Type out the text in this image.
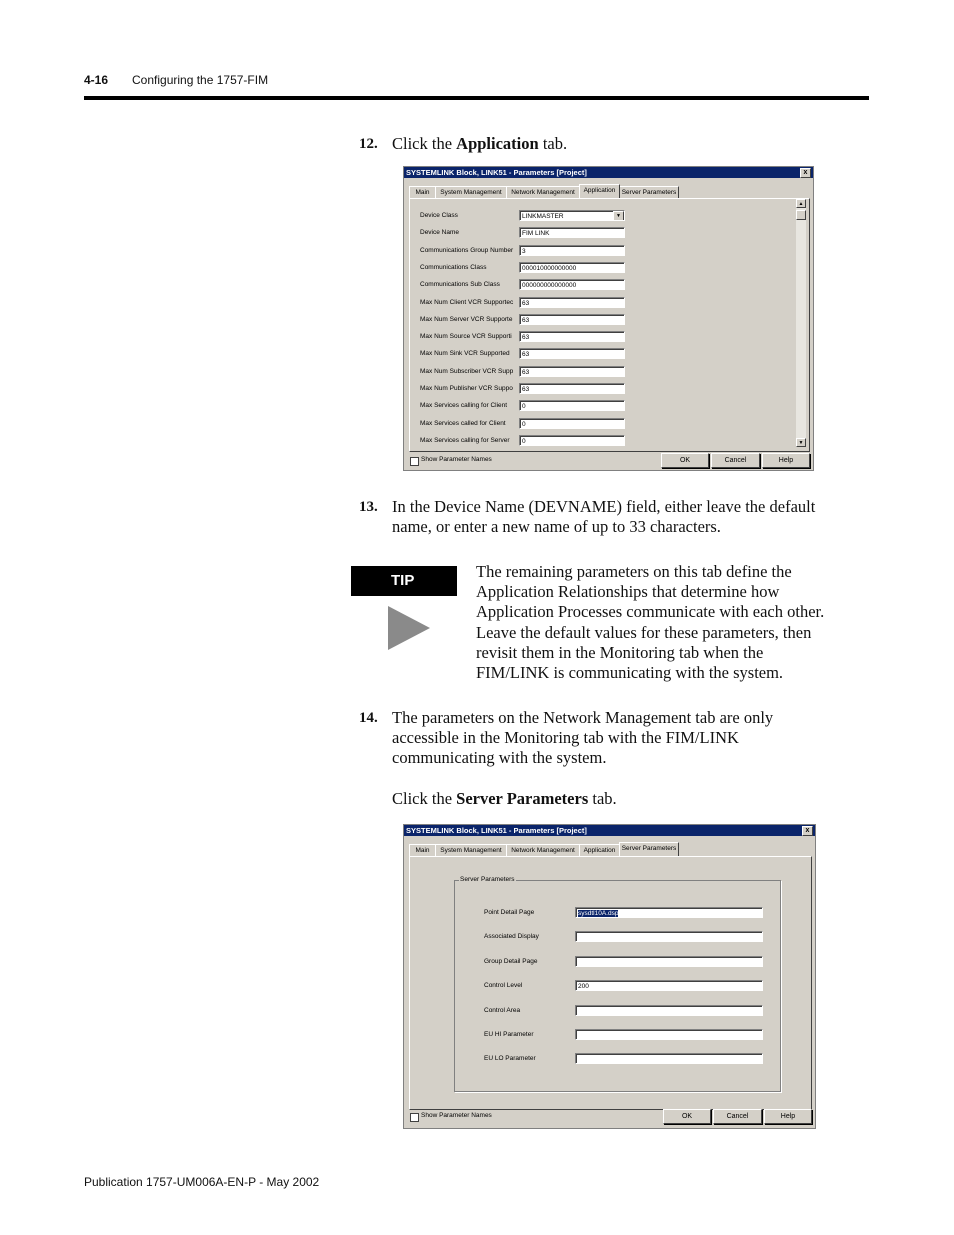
4-16 Configuring the 1757-FIM
12. Click the Application tab.
SYSTEMLINK Block, LINK51 - Parameters [Project]	x
Main	System Management	Network Management	Application Server Parameters
Device Class	LINKMASTER	▼
Device Name	FIM LINK
Communications Group Number	3
Communications Class	000010000000000
Communications Sub Class	000000000000000
Max Num Client VCR Supportec	63
Max Num Server VCR Supporte	63
Max Num Source VCR Supporti	63
Max Num Sink VCR Supported	63
Max Num Subscriber VCR Supp	63
Max Num Publisher VCR Suppo	63
Max Services calling for Client	0
Max Services called for Client	0
Max Services calling for Server	0
▲
▼
Show Parameter Names	OK	Cancel	Help
13. In the Device Name (DEVNAME) field, either leave the default
name, or enter a new name of up to 33 characters.
TIP	The remaining parameters on this tab define the
Application Relationships that determine how
Application Processes communicate with each other.
Leave the default values for these parameters, then
revisit them in the Monitoring tab when the
FIM/LINK is communicating with the system.
14. The parameters on the Network Management tab are only
accessible in the Monitoring tab with the FIM/LINK
communicating with the system.
Click the Server Parameters tab.
SYSTEMLINK Block, LINK51 - Parameters [Project]	x
Main	System Management	Network Management	Application Server Parameters
Server Parameters
Point Detail Page	sysdtl10A.dsp
Associated Display
Group Detail Page
Control Level	200
Control Area
EU HI Parameter
EU LO Parameter
Show Parameter Names	OK	Cancel	Help
Publication 1757-UM006A-EN-P - May 2002
